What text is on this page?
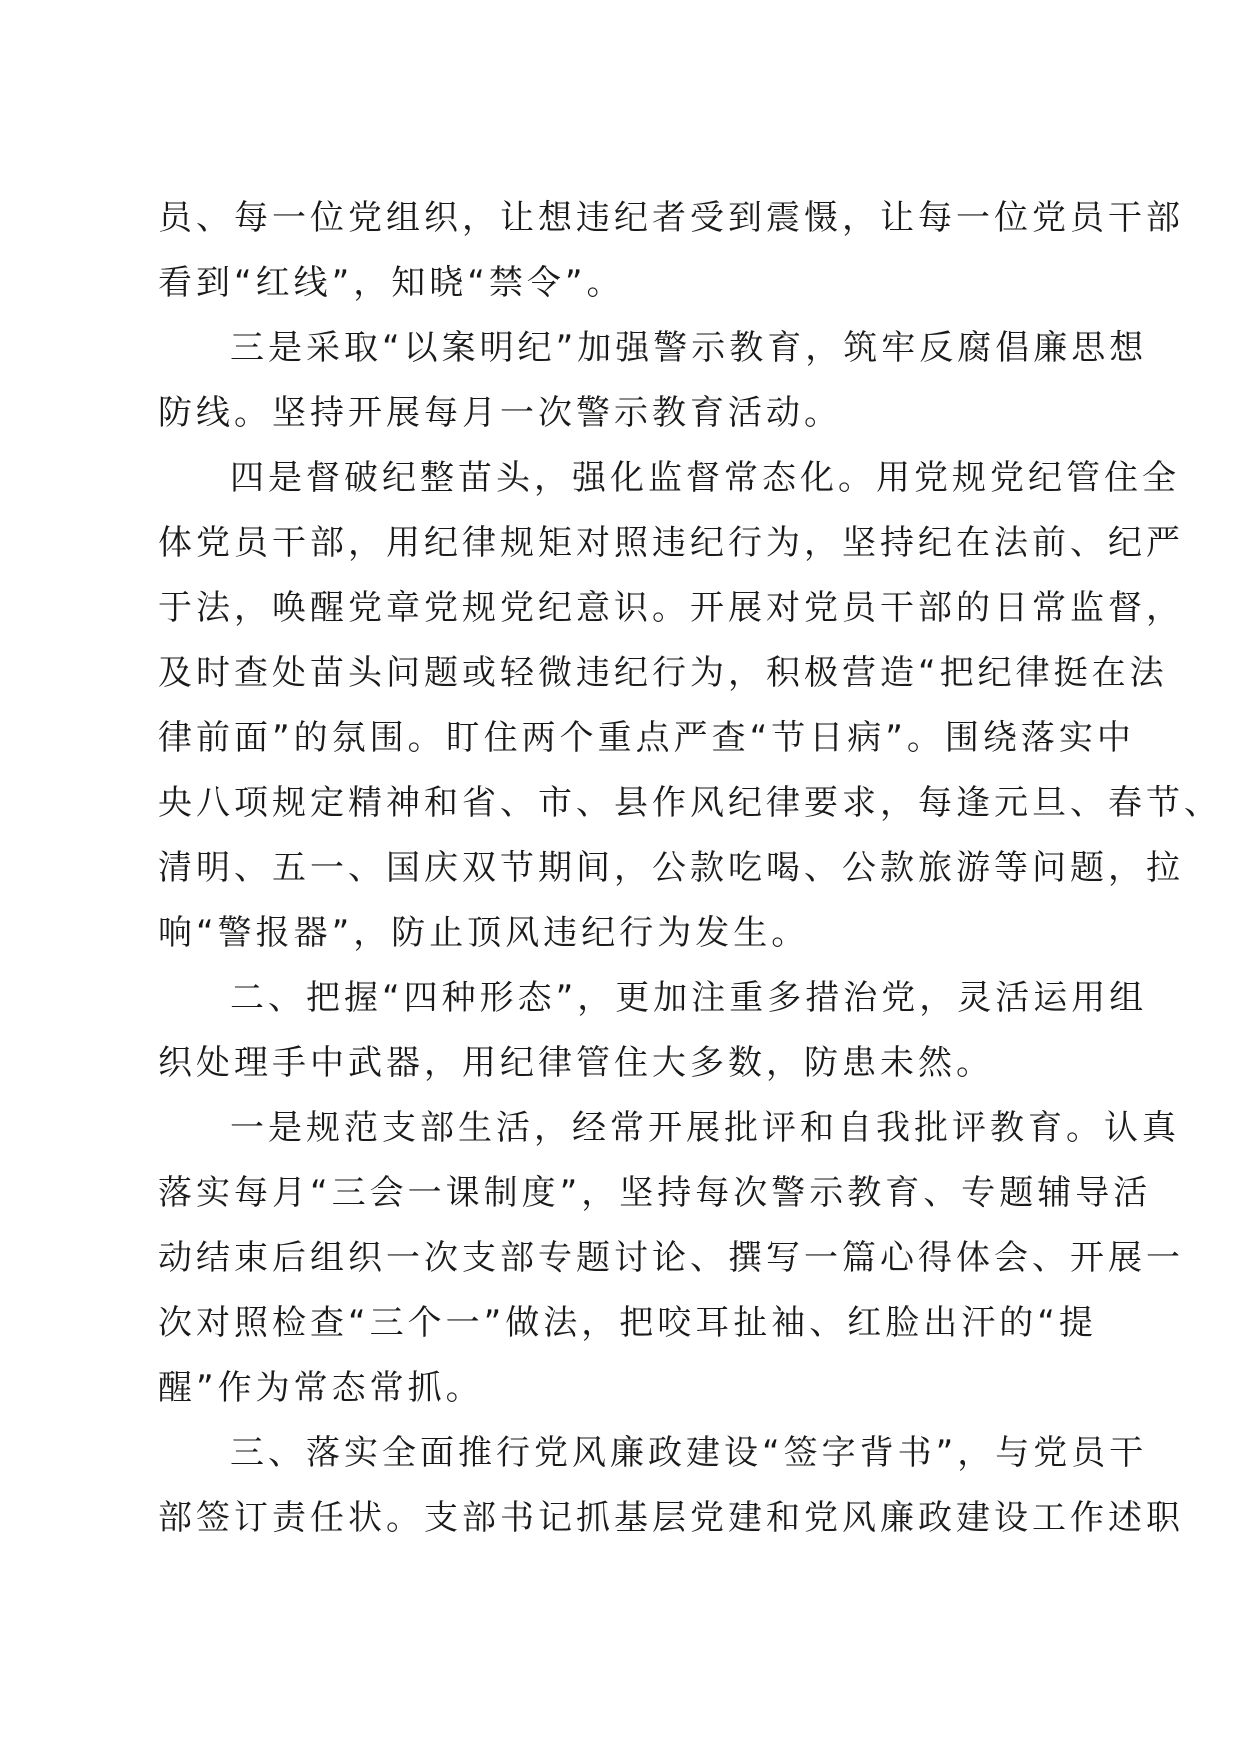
员、每一位党组织，让想违纪者受到震慑，让每一位党员干部
看到“红线”，知晓“禁令”。
三是采取“以案明纪”加强警示教育，筑牢反腐倡廉思想
防线。坚持开展每月一次警示教育活动。
四是督破纪整苗头，强化监督常态化。用党规党纪管住全
体党员干部，用纪律规矩对照违纪行为，坚持纪在法前、纪严
于法，唤醒党章党规党纪意识。开展对党员干部的日常监督，
及时查处苗头问题或轻微违纪行为，积极营造“把纪律挺在法
律前面”的氛围。盯住两个重点严查“节日病”。围绕落实中
央八项规定精神和省、市、县作风纪律要求，每逢元旦、春节、
清明、五一、国庆双节期间，公款吃喝、公款旅游等问题，拉
响“警报器”，防止顶风违纪行为发生。
二、把握“四种形态”，更加注重多措治党，灵活运用组
织处理手中武器，用纪律管住大多数，防患未然。
一是规范支部生活，经常开展批评和自我批评教育。认真
落实每月“三会一课制度”，坚持每次警示教育、专题辅导活
动结束后组织一次支部专题讨论、撰写一篇心得体会、开展一
次对照检查“三个一”做法，把咬耳扯袖、红脸出汗的“提
醒”作为常态常抓。
三、落实全面推行党风廉政建设“签字背书”，与党员干
部签订责任状。支部书记抓基层党建和党风廉政建设工作述职
